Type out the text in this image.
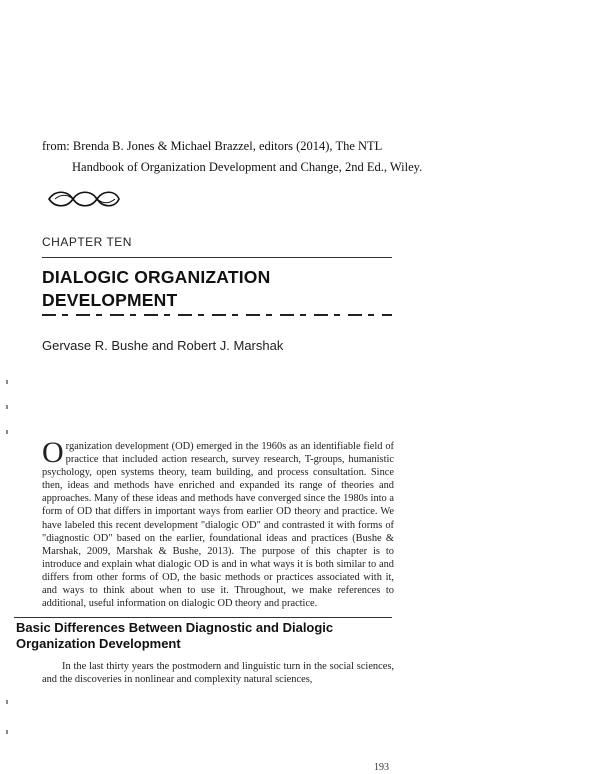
from: Brenda B. Jones & Michael Brazzel, editors (2014), The NTL
Handbook of Organization Development and Change, 2nd Ed., Wiley.
CHAPTER TEN
DIALOGIC ORGANIZATION
DEVELOPMENT
Gervase R. Bushe and Robert J. Marshak
Organization development (OD) emerged in the 1960s as an identifiable field of practice that included action research, survey research, T-groups, humanistic psychology, open systems theory, team building, and process consultation. Since then, ideas and methods have enriched and expanded its range of theories and approaches. Many of these ideas and methods have converged since the 1980s into a form of OD that differs in important ways from earlier OD theory and practice. We have labeled this recent development "dialogic OD" and contrasted it with forms of "diagnostic OD" based on the earlier, foundational ideas and practices (Bushe & Marshak, 2009, Marshak & Bushe, 2013). The purpose of this chapter is to introduce and explain what dialogic OD is and in what ways it is both similar to and differs from other forms of OD, the basic methods or practices associated with it, and ways to think about when to use it. Throughout, we make references to additional, useful information on dialogic OD theory and practice.
Basic Differences Between Diagnostic and Dialogic
Organization Development
In the last thirty years the postmodern and linguistic turn in the social sciences, and the discoveries in nonlinear and complexity natural sciences,
193
